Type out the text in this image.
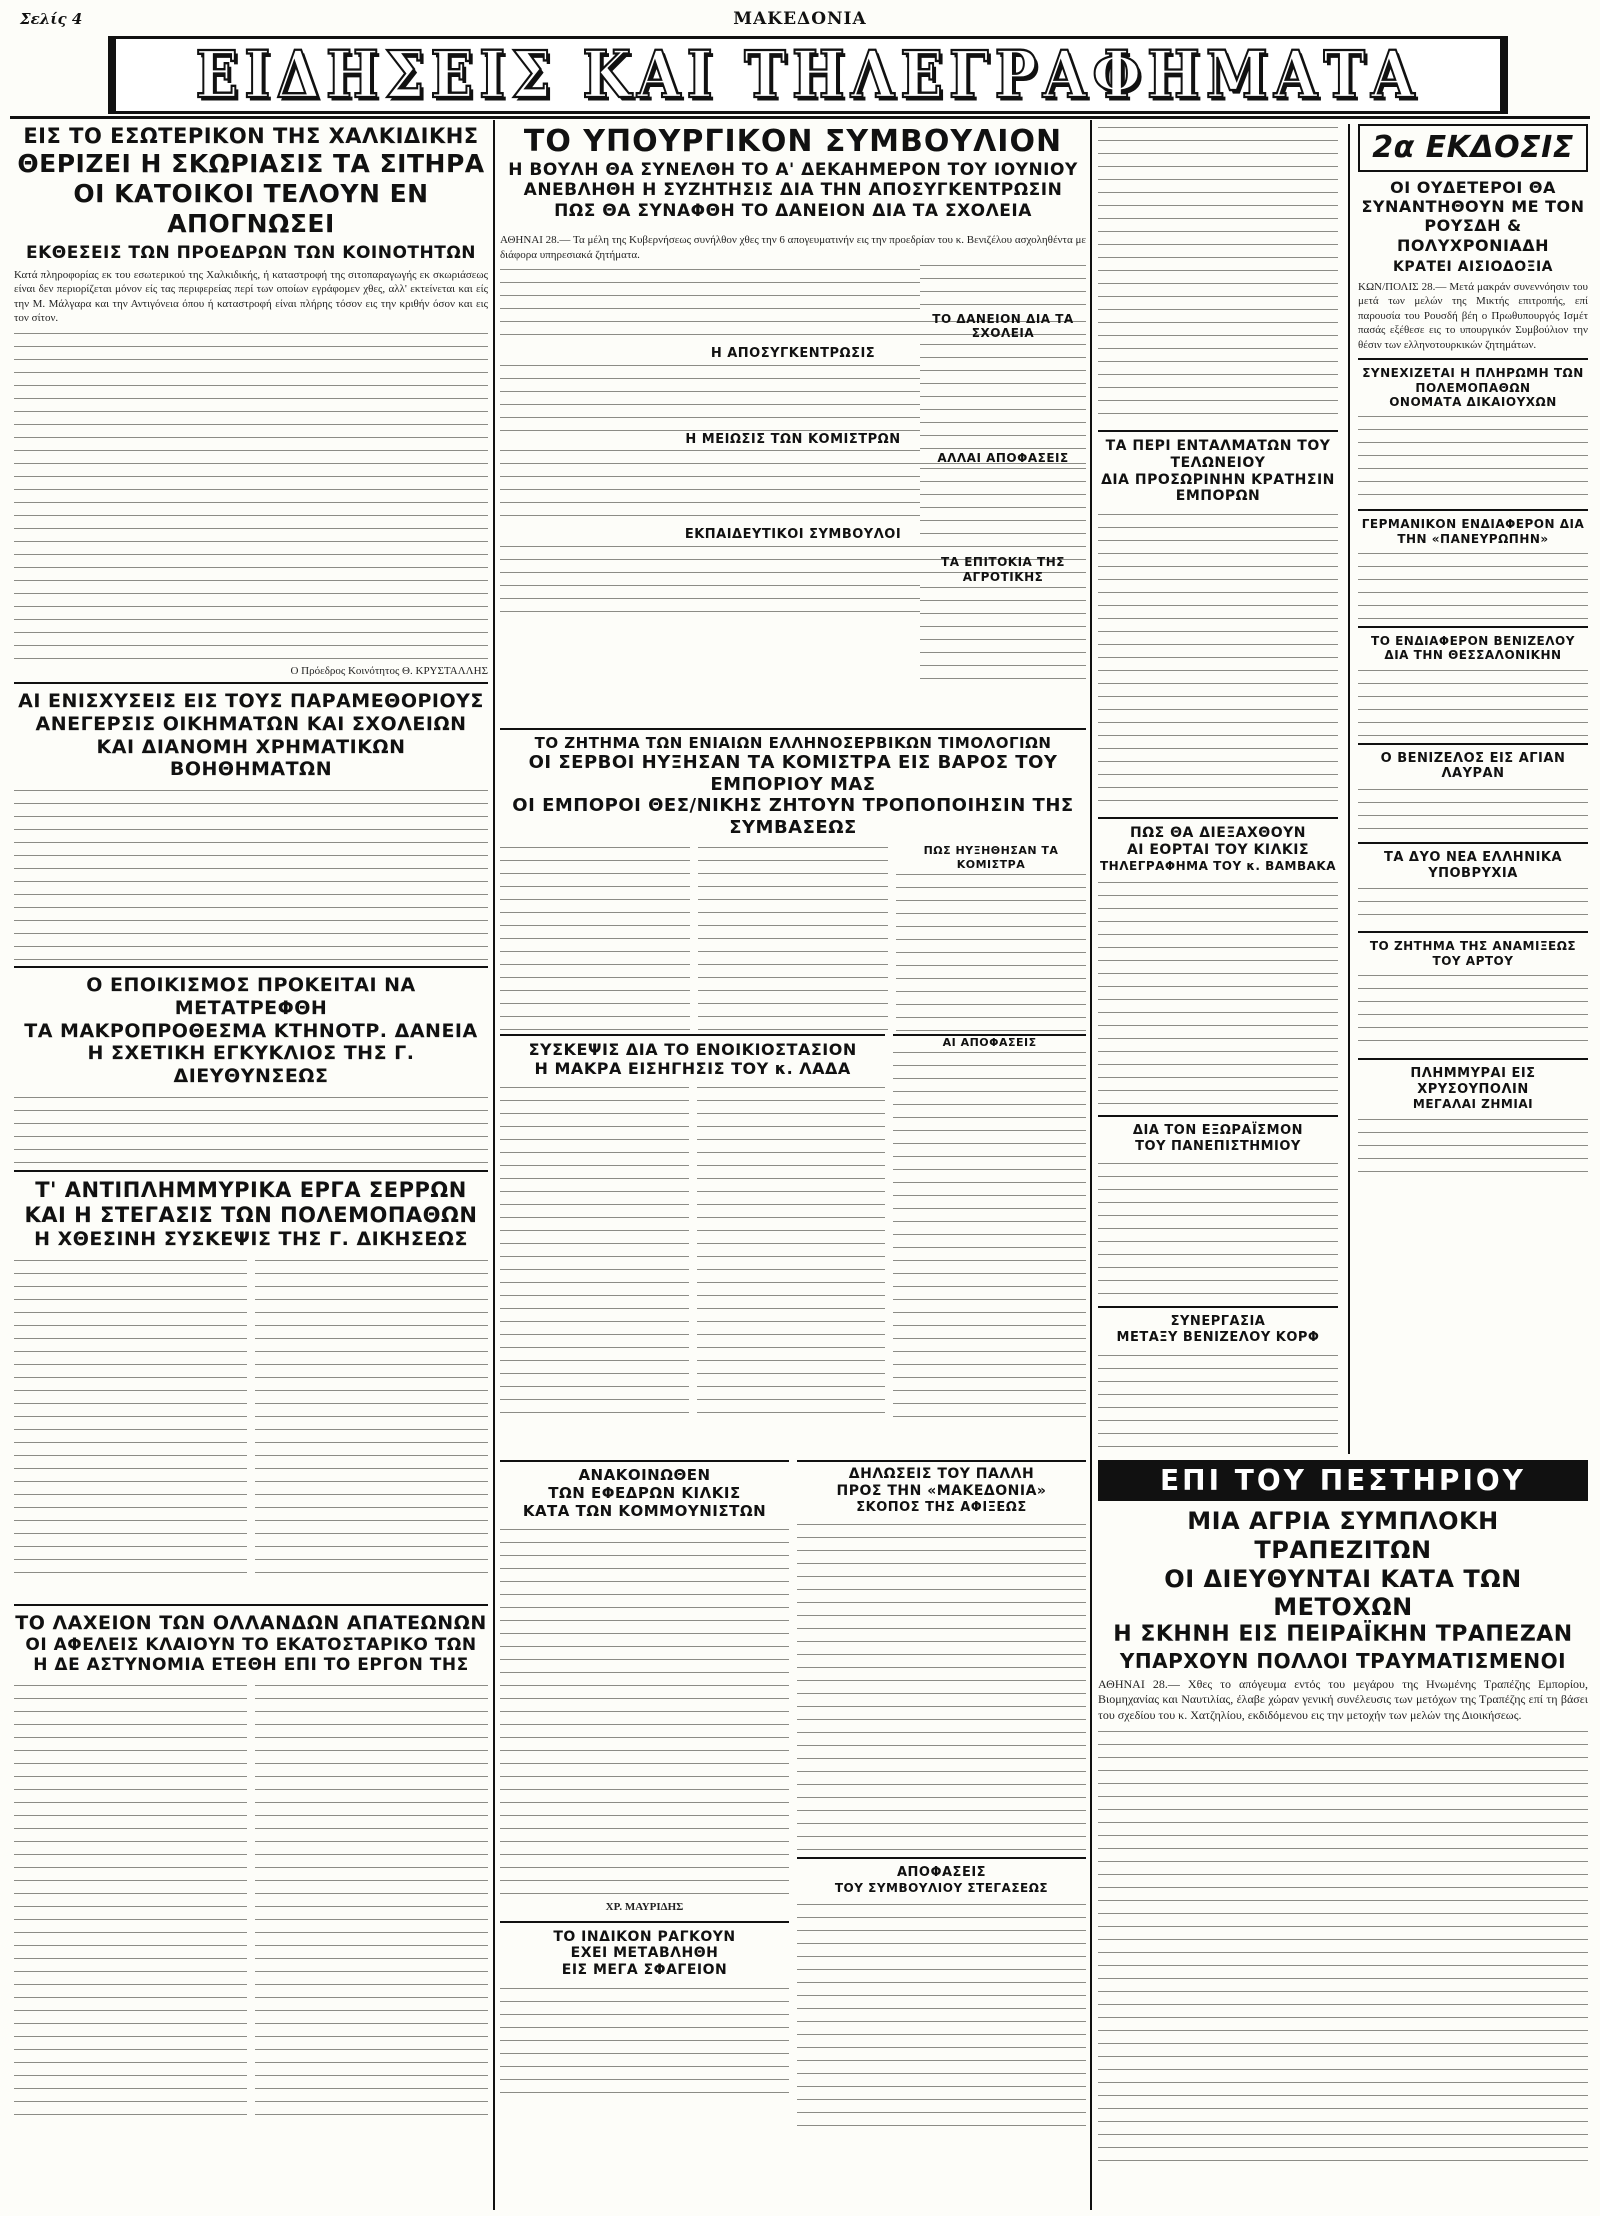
Σελίς 4	ΜΑΚΕΔΟΝΙΑ
ΕΙΔΗΣΕΙΣ ΚΑΙ ΤΗΛΕΓΡΑΦΗΜΑΤΑ

ΕΙΣ ΤΟ ΕΣΩΤΕΡΙΚΟΝ ΤΗΣ ΧΑΛΚΙΔΙΚΗΣ

ΘΕΡΙΖΕΙ Η ΣΚΩΡΙΑΣΙΣ ΤΑ ΣΙΤΗΡΑ

ΟΙ ΚΑΤΟΙΚΟΙ ΤΕΛΟΥΝ ΕΝ ΑΠΟΓΝΩΣΕΙ

ΕΚΘΕΣΕΙΣ ΤΩΝ ΠΡΟΕΔΡΩΝ ΤΩΝ ΚΟΙΝΟΤΗΤΩΝ

Κατά πληροφορίας εκ του εσωτερικού της Χαλκιδικής, ή καταστροφή της σιτοπαραγωγής εκ σκωριάσεως είναι δεν περιορίζεται μόνον είς τας περιφερείας περί των οποίων εγράφομεν χθες, αλλ' εκτείνεται και είς την Μ. Μάλγαρα και την Αντιγόνεια όπου ή καταστροφή είναι πλήρης τόσον εις την κριθήν όσον και εις τον σίτον.

Ο Πρόεδρος Κοινότητος Θ. ΚΡΥΣΤΑΛΛΗΣ

ΑΙ ΕΝΙΣΧΥΣΕΙΣ ΕΙΣ ΤΟΥΣ ΠΑΡΑΜΕΘΟΡΙΟΥΣ

ΑΝΕΓΕΡΣΙΣ ΟΙΚΗΜΑΤΩΝ ΚΑΙ ΣΧΟΛΕΙΩΝ

ΚΑΙ ΔΙΑΝΟΜΗ ΧΡΗΜΑΤΙΚΩΝ ΒΟΗΘΗΜΑΤΩΝ

Ο ΕΠΟΙΚΙΣΜΟΣ ΠΡΟΚΕΙΤΑΙ ΝΑ ΜΕΤΑΤΡΕΦΘΗ

ΤΑ ΜΑΚΡΟΠΡΟΘΕΣΜΑ ΚΤΗΝΟΤΡ. ΔΑΝΕΙΑ

Η ΣΧΕΤΙΚΗ ΕΓΚΥΚΛΙΟΣ ΤΗΣ Γ. ΔΙΕΥΘΥΝΣΕΩΣ

Τ' ΑΝΤΙΠΛΗΜΜΥΡΙΚΑ ΕΡΓΑ ΣΕΡΡΩΝ

ΚΑΙ Η ΣΤΕΓΑΣΙΣ ΤΩΝ ΠΟΛΕΜΟΠΑΘΩΝ

Η ΧΘΕΣΙΝΗ ΣΥΣΚΕΨΙΣ ΤΗΣ Γ. ΔΙΚΗΣΕΩΣ

ΤΟ ΛΑΧΕΙΟΝ ΤΩΝ ΟΛΛΑΝΔΩΝ ΑΠΑΤΕΩΝΩΝ

ΟΙ ΑΦΕΛΕΙΣ ΚΛΑΙΟΥΝ ΤΟ ΕΚΑΤΟΣΤΑΡΙΚΟ ΤΩΝ

Η ΔΕ ΑΣΤΥΝΟΜΙΑ ΕΤΕΘΗ ΕΠΙ ΤΟ ΕΡΓΟΝ ΤΗΣ

ΤΟ ΥΠΟΥΡΓΙΚΟΝ ΣΥΜΒΟΥΛΙΟΝ

Η ΒΟΥΛΗ ΘΑ ΣΥΝΕΛΘΗ ΤΟ Α' ΔΕΚΑΗΜΕΡΟΝ ΤΟΥ ΙΟΥΝΙΟΥ

ΑΝΕΒΛΗΘΗ Η ΣΥΖΗΤΗΣΙΣ ΔΙΑ ΤΗΝ ΑΠΟΣΥΓΚΕΝΤΡΩΣΙΝ

ΠΩΣ ΘΑ ΣΥΝΑΦΘΗ ΤΟ ΔΑΝΕΙΟΝ ΔΙΑ ΤΑ ΣΧΟΛΕΙΑ

ΑΘΗΝΑΙ 28.— Τα μέλη της Κυβερνήσεως συνήλθον χθες την 6 απογευματινήν εις την προεδρίαν του κ. Βενιζέλου ασχοληθέντα με διάφορα υπηρεσιακά ζητήματα.

Η ΑΠΟΣΥΓΚΕΝΤΡΩΣΙΣ

Η ΜΕΙΩΣΙΣ ΤΩΝ ΚΟΜΙΣΤΡΩΝ

ΕΚΠΑΙΔΕΥΤΙΚΟΙ ΣΥΜΒΟΥΛΟΙ

ΤΟ ΔΑΝΕΙΟΝ ΔΙΑ ΤΑ ΣΧΟΛΕΙΑ

ΑΛΛΑΙ ΑΠΟΦΑΣΕΙΣ

ΤΑ ΕΠΙΤΟΚΙΑ ΤΗΣ ΑΓΡΟΤΙΚΗΣ

ΤΟ ΖΗΤΗΜΑ ΤΩΝ ΕΝΙΑΙΩΝ ΕΛΛΗΝΟΣΕΡΒΙΚΩΝ ΤΙΜΟΛΟΓΙΩΝ

ΟΙ ΣΕΡΒΟΙ ΗΥΞΗΣΑΝ ΤΑ ΚΟΜΙΣΤΡΑ ΕΙΣ ΒΑΡΟΣ ΤΟΥ ΕΜΠΟΡΙΟΥ ΜΑΣ

ΟΙ ΕΜΠΟΡΟΙ ΘΕΣ/ΝΙΚΗΣ ΖΗΤΟΥΝ ΤΡΟΠΟΠΟΙΗΣΙΝ ΤΗΣ ΣΥΜΒΑΣΕΩΣ

ΠΩΣ ΗΥΞΗΘΗΣΑΝ ΤΑ ΚΟΜΙΣΤΡΑ

ΣΥΣΚΕΨΙΣ ΔΙΑ ΤΟ ΕΝΟΙΚΙΟΣΤΑΣΙΟΝ

Η ΜΑΚΡΑ ΕΙΣΗΓΗΣΙΣ ΤΟΥ κ. ΛΑΔΑ

ΑΙ ΑΠΟΦΑΣΕΙΣ

ΑΝΑΚΟΙΝΩΘΕΝ

ΤΩΝ ΕΦΕΔΡΩΝ ΚΙΛΚΙΣ

ΚΑΤΑ ΤΩΝ ΚΟΜΜΟΥΝΙΣΤΩΝ

ΧΡ. ΜΑΥΡΙΔΗΣ

ΤΟ ΙΝΔΙΚΟΝ ΡΑΓΚΟΥΝ

ΕΧΕΙ ΜΕΤΑΒΛΗΘΗ

ΕΙΣ ΜΕΓΑ ΣΦΑΓΕΙΟΝ

ΔΗΛΩΣΕΙΣ ΤΟΥ ΠΑΛΛΗ

ΠΡΟΣ ΤΗΝ «ΜΑΚΕΔΟΝΙΑ»

ΣΚΟΠΟΣ ΤΗΣ ΑΦΙΞΕΩΣ

ΑΠΟΦΑΣΕΙΣ

ΤΟΥ ΣΥΜΒΟΥΛΙΟΥ ΣΤΕΓΑΣΕΩΣ

ΤΑ ΠΕΡΙ ΕΝΤΑΛΜΑΤΩΝ ΤΟΥ ΤΕΛΩΝΕΙΟΥ

ΔΙΑ ΠΡΟΣΩΡΙΝΗΝ ΚΡΑΤΗΣΙΝ ΕΜΠΟΡΩΝ

ΠΩΣ ΘΑ ΔΙΕΞΑΧΘΟΥΝ

ΑΙ ΕΟΡΤΑΙ ΤΟΥ ΚΙΛΚΙΣ

ΤΗΛΕΓΡΑΦΗΜΑ ΤΟΥ κ. ΒΑΜΒΑΚΑ

ΔΙΑ ΤΟΝ ΕΞΩΡΑΪΣΜΟΝ

ΤΟΥ ΠΑΝΕΠΙΣΤΗΜΙΟΥ

ΣΥΝΕΡΓΑΣΙΑ

ΜΕΤΑΞΥ ΒΕΝΙΖΕΛΟΥ ΚΟΡΦ

2α ΕΚΔΟΣΙΣ

ΟΙ ΟΥΔΕΤΕΡΟΙ ΘΑ ΣΥΝΑΝΤΗΘΟΥΝ ΜΕ ΤΟΝ ΡΟΥΣΔΗ & ΠΟΛΥΧΡΟΝΙΑΔΗ

ΚΡΑΤΕΙ ΑΙΣΙΟΔΟΞΙΑ

ΚΩΝ/ΠΟΛΙΣ 28.— Μετά μακράν συνεννόησιν του μετά των μελών της Μικτής επιτροπής, επί παρουσία του Ρουσδή βέη ο Πρωθυπουργός Ισμέτ πασάς εξέθεσε εις το υπουργικόν Συμβούλιον την θέσιν των ελληνοτουρκικών ζητημάτων.

ΣΥΝΕΧΙΖΕΤΑΙ Η ΠΛΗΡΩΜΗ ΤΩΝ ΠΟΛΕΜΟΠΑΘΩΝ

ΟΝΟΜΑΤΑ ΔΙΚΑΙΟΥΧΩΝ

ΓΕΡΜΑΝΙΚΟΝ ΕΝΔΙΑΦΕΡΟΝ ΔΙΑ ΤΗΝ «ΠΑΝΕΥΡΩΠΗΝ»

ΤΟ ΕΝΔΙΑΦΕΡΟΝ ΒΕΝΙΖΕΛΟΥ ΔΙΑ ΤΗΝ ΘΕΣΣΑΛΟΝΙΚΗΝ

Ο ΒΕΝΙΖΕΛΟΣ ΕΙΣ ΑΓΙΑΝ ΛΑΥΡΑΝ

ΤΑ ΔΥΟ ΝΕΑ ΕΛΛΗΝΙΚΑ ΥΠΟΒΡΥΧΙΑ

ΤΟ ΖΗΤΗΜΑ ΤΗΣ ΑΝΑΜΙΞΕΩΣ ΤΟΥ ΑΡΤΟΥ

ΠΛΗΜΜΥΡΑΙ ΕΙΣ ΧΡΥΣΟΥΠΟΛΙΝ

ΜΕΓΑΛΑΙ ΖΗΜΙΑΙ

ΕΠΙ ΤΟΥ ΠΕΣΤΗΡΙΟΥ

ΜΙΑ ΑΓΡΙΑ ΣΥΜΠΛΟΚΗ ΤΡΑΠΕΖΙΤΩΝ

ΟΙ ΔΙΕΥΘΥΝΤΑΙ ΚΑΤΑ ΤΩΝ ΜΕΤΟΧΩΝ

Η ΣΚΗΝΗ ΕΙΣ ΠΕΙΡΑΪΚΗΝ ΤΡΑΠΕΖΑΝ

ΥΠΑΡΧΟΥΝ ΠΟΛΛΟΙ ΤΡΑΥΜΑΤΙΣΜΕΝΟΙ

ΑΘΗΝΑΙ 28.— Χθες το απόγευμα εντός του μεγάρου της Ηνωμένης Τραπέζης Εμπορίου, Βιομηχανίας και Ναυτιλίας, έλαβε χώραν γενική συνέλευσις των μετόχων της Τραπέζης επί τη βάσει του σχεδίου του κ. Χατζηλίου, εκδιδόμενου εις την μετοχήν των μελών της Διοικήσεως.
